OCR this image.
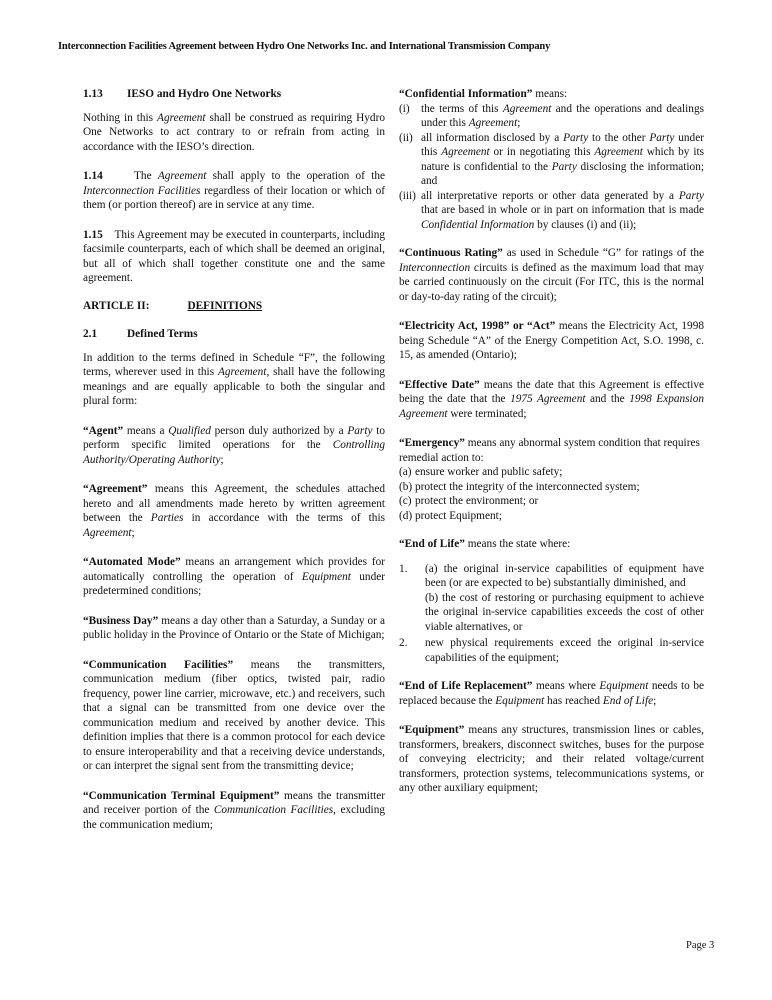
Interconnection Facilities Agreement between Hydro One Networks Inc. and International Transmission Company
1.13 IESO and Hydro One Networks

Nothing in this Agreement shall be construed as requiring Hydro One Networks to act contrary to or refrain from acting in accordance with the IESO’s direction.

1.14	The Agreement shall apply to the operation of the Interconnection Facilities regardless of their location or which of them (or portion thereof) are in service at any time.

1.15 This Agreement may be executed in counterparts, including facsimile counterparts, each of which shall be deemed an original, but all of which shall together constitute one and the same agreement.

ARTICLE II:	DEFINITIONS
2.1	Defined Terms

In addition to the terms defined in Schedule “F”, the following terms, wherever used in this Agreement, shall have the following meanings and are equally applicable to both the singular and plural form:

“Agent” means a Qualified person duly authorized by a Party to perform specific limited operations for the Controlling Authority/Operating Authority;

“Agreement” means this Agreement, the schedules attached hereto and all amendments made hereto by written agreement between the Parties in accordance with the terms of this Agreement;

“Automated Mode” means an arrangement which provides for automatically controlling the operation of Equipment under predetermined conditions;

“Business Day” means a day other than a Saturday, a Sunday or a public holiday in the Province of Ontario or the State of Michigan;

“Communication Facilities” means the transmitters, communication medium (fiber optics, twisted pair, radio frequency, power line carrier, microwave, etc.) and receivers, such that a signal can be transmitted from one device over the communication medium and received by another device. This definition implies that there is a common protocol for each device to ensure interoperability and that a receiving device understands, or can interpret the signal sent from the transmitting device;

“Communication Terminal Equipment” means the transmitter and receiver portion of the Communication Facilities, excluding the communication medium;

“Confidential Information” means:
(i) the terms of this Agreement and the operations and dealings under this Agreement;
(ii) all information disclosed by a Party to the other Party under this Agreement or in negotiating this Agreement which by its nature is confidential to the Party disclosing the information; and
(iii) all interpretative reports or other data generated by a Party that are based in whole or in part on information that is made Confidential Information by clauses (i) and (ii);

“Continuous Rating” as used in Schedule “G” for ratings of the Interconnection circuits is defined as the maximum load that may be carried continuously on the circuit (For ITC, this is the normal or day-to-day rating of the circuit);

“Electricity Act, 1998” or “Act” means the Electricity Act, 1998 being Schedule “A” of the Energy Competition Act, S.O. 1998, c. 15, as amended (Ontario);

“Effective Date” means the date that this Agreement is effective being the date that the 1975 Agreement and the 1998 Expansion Agreement were terminated;

“Emergency” means any abnormal system condition that requires remedial action to:
(a) ensure worker and public safety;
(b) protect the integrity of the interconnected system;
(c) protect the environment; or
(d) protect Equipment;

“End of Life” means the state where:

1. (a) the original in-service capabilities of equipment have been (or are expected to be) substantially diminished, and
(b) the cost of restoring or purchasing equipment to achieve the original in-service capabilities exceeds the cost of other viable alternatives, or
2. new physical requirements exceed the original in-service capabilities of the equipment;

“End of Life Replacement” means where Equipment needs to be replaced because the Equipment has reached End of Life;

“Equipment” means any structures, transmission lines or cables, transformers, breakers, disconnect switches, buses for the purpose of conveying electricity; and their related voltage/current transformers, protection systems, telecommunications systems, or any other auxiliary equipment;

Page 3
